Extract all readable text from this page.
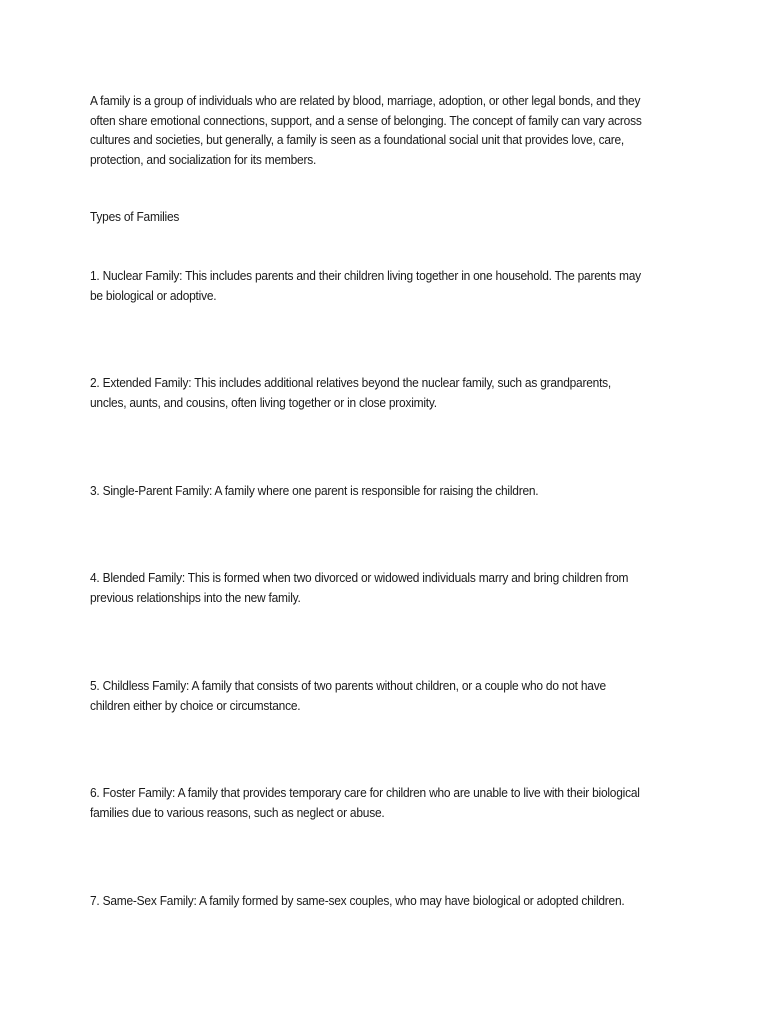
A family is a group of individuals who are related by blood, marriage, adoption, or other legal bonds, and they often share emotional connections, support, and a sense of belonging. The concept of family can vary across cultures and societies, but generally, a family is seen as a foundational social unit that provides love, care, protection, and socialization for its members.

Types of Families

1. Nuclear Family: This includes parents and their children living together in one household. The parents may be biological or adoptive.

2. Extended Family: This includes additional relatives beyond the nuclear family, such as grandparents, uncles, aunts, and cousins, often living together or in close proximity.

3. Single-Parent Family: A family where one parent is responsible for raising the children.

4. Blended Family: This is formed when two divorced or widowed individuals marry and bring children from previous relationships into the new family.

5. Childless Family: A family that consists of two parents without children, or a couple who do not have children either by choice or circumstance.

6. Foster Family: A family that provides temporary care for children who are unable to live with their biological families due to various reasons, such as neglect or abuse.

7. Same-Sex Family: A family formed by same-sex couples, who may have biological or adopted children.
